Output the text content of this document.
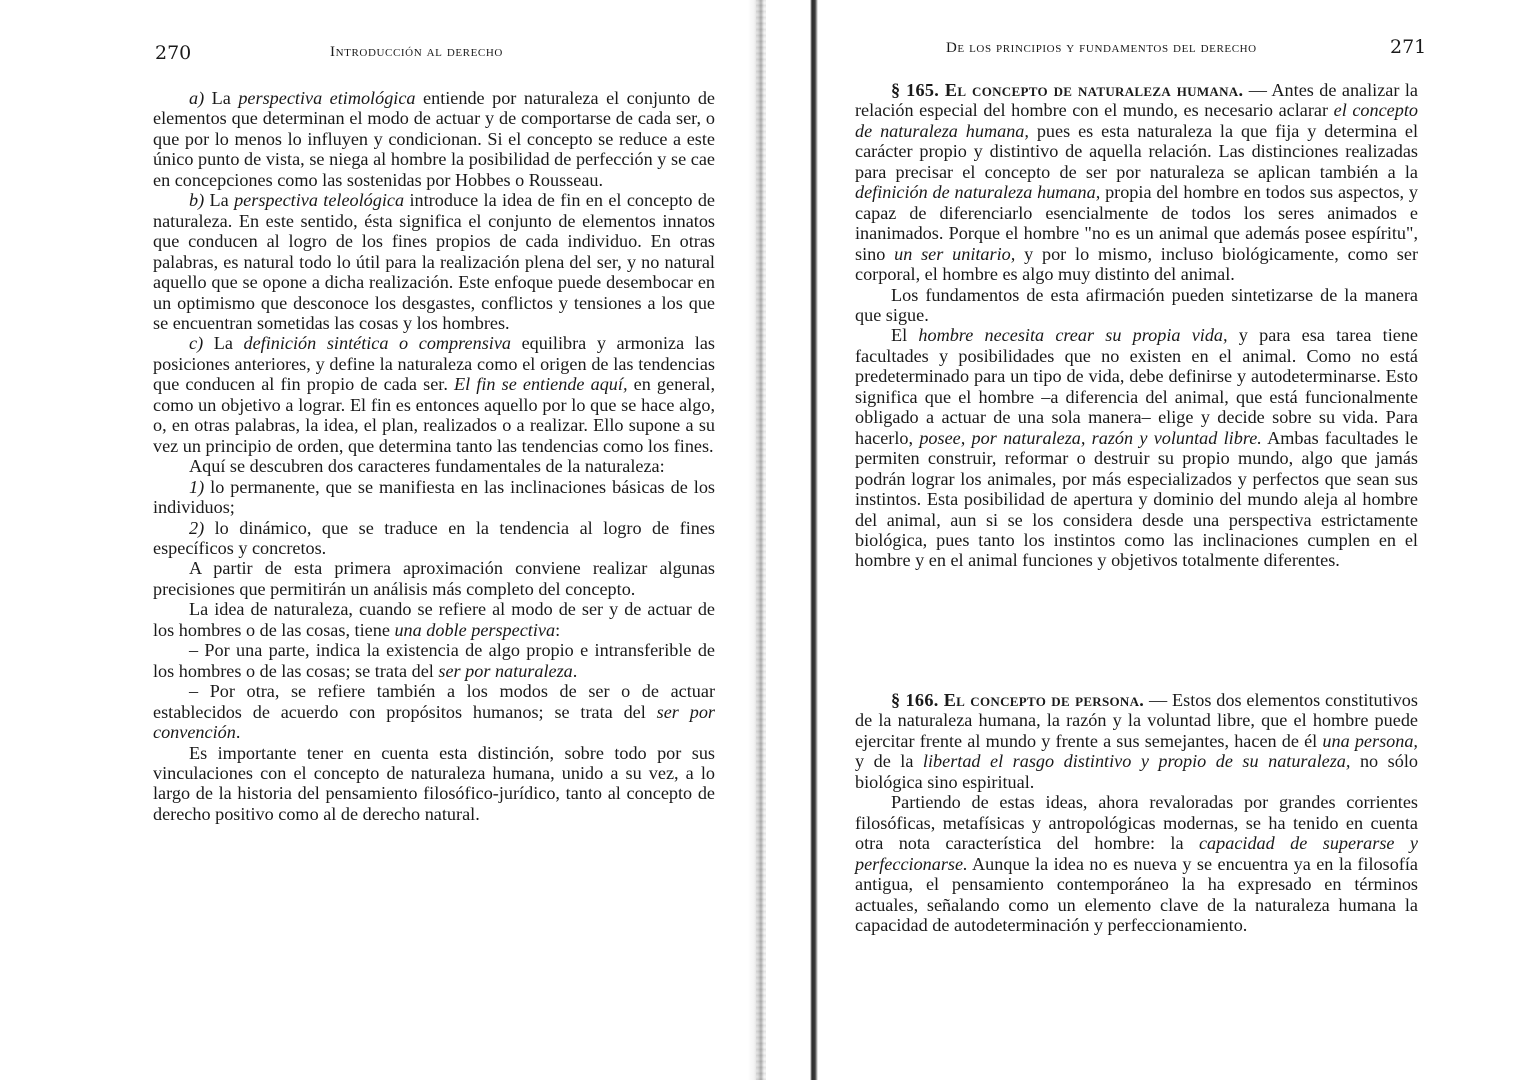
270	Introducción al derecho

a) La perspectiva etimológica entiende por naturaleza el conjunto de elementos que determinan el modo de actuar y de comportarse de cada ser, o que por lo menos lo influyen y condicionan. Si el concepto se reduce a este único punto de vista, se niega al hombre la posibilidad de perfección y se cae en concepciones como las sostenidas por Hobbes o Rousseau.

b) La perspectiva teleológica introduce la idea de fin en el concepto de naturaleza. En este sentido, ésta significa el conjunto de elementos innatos que conducen al logro de los fines propios de cada individuo. En otras palabras, es natural todo lo útil para la realización plena del ser, y no natural aquello que se opone a dicha realización. Este enfoque puede desembocar en un optimismo que desconoce los desgastes, conflictos y tensiones a los que se encuentran sometidas las cosas y los hombres.

c) La definición sintética o comprensiva equilibra y armoniza las posiciones anteriores, y define la naturaleza como el origen de las tendencias que conducen al fin propio de cada ser. El fin se entiende aquí, en general, como un objetivo a lograr. El fin es entonces aquello por lo que se hace algo, o, en otras palabras, la idea, el plan, realizados o a realizar. Ello supone a su vez un principio de orden, que determina tanto las tendencias como los fines.

Aquí se descubren dos caracteres fundamentales de la naturaleza:

1) lo permanente, que se manifiesta en las inclinaciones básicas de los individuos;

2) lo dinámico, que se traduce en la tendencia al logro de fines específicos y concretos.

A partir de esta primera aproximación conviene realizar algunas precisiones que permitirán un análisis más completo del concepto.

La idea de naturaleza, cuando se refiere al modo de ser y de actuar de los hombres o de las cosas, tiene una doble perspectiva:

– Por una parte, indica la existencia de algo propio e intransferible de los hombres o de las cosas; se trata del ser por naturaleza.

– Por otra, se refiere también a los modos de ser o de actuar establecidos de acuerdo con propósitos humanos; se trata del ser por convención.

Es importante tener en cuenta esta distinción, sobre todo por sus vinculaciones con el concepto de naturaleza humana, unido a su vez, a lo largo de la historia del pensamiento filosófico-jurídico, tanto al concepto de derecho positivo como al de derecho natural.

De los principios y fundamentos del derecho	271

§ 165. El concepto de naturaleza humana. — Antes de analizar la relación especial del hombre con el mundo, es necesario aclarar el concepto de naturaleza humana, pues es esta naturaleza la que fija y determina el carácter propio y distintivo de aquella relación. Las distinciones realizadas para precisar el concepto de ser por naturaleza se aplican también a la definición de naturaleza humana, propia del hombre en todos sus aspectos, y capaz de diferenciarlo esencialmente de todos los seres animados e inanimados. Porque el hombre "no es un animal que además posee espíritu", sino un ser unitario, y por lo mismo, incluso biológicamente, como ser corporal, el hombre es algo muy distinto del animal.

Los fundamentos de esta afirmación pueden sintetizarse de la manera que sigue.

El hombre necesita crear su propia vida, y para esa tarea tiene facultades y posibilidades que no existen en el animal. Como no está predeterminado para un tipo de vida, debe definirse y autodeterminarse. Esto significa que el hombre –a diferencia del animal, que está funcionalmente obligado a actuar de una sola manera– elige y decide sobre su vida. Para hacerlo, posee, por naturaleza, razón y voluntad libre. Ambas facultades le permiten construir, reformar o destruir su propio mundo, algo que jamás podrán lograr los animales, por más especializados y perfectos que sean sus instintos. Esta posibilidad de apertura y dominio del mundo aleja al hombre del animal, aun si se los considera desde una perspectiva estrictamente biológica, pues tanto los instintos como las inclinaciones cumplen en el hombre y en el animal funciones y objetivos totalmente diferentes.

§ 166. El concepto de persona. — Estos dos elementos constitutivos de la naturaleza humana, la razón y la voluntad libre, que el hombre puede ejercitar frente al mundo y frente a sus semejantes, hacen de él una persona, y de la libertad el rasgo distintivo y propio de su naturaleza, no sólo biológica sino espiritual.

Partiendo de estas ideas, ahora revaloradas por grandes corrientes filosóficas, metafísicas y antropológicas modernas, se ha tenido en cuenta otra nota característica del hombre: la capacidad de superarse y perfeccionarse. Aunque la idea no es nueva y se encuentra ya en la filosofía antigua, el pensamiento contemporáneo la ha expresado en términos actuales, señalando como un elemento clave de la naturaleza humana la capacidad de autodeterminación y perfeccionamiento.
